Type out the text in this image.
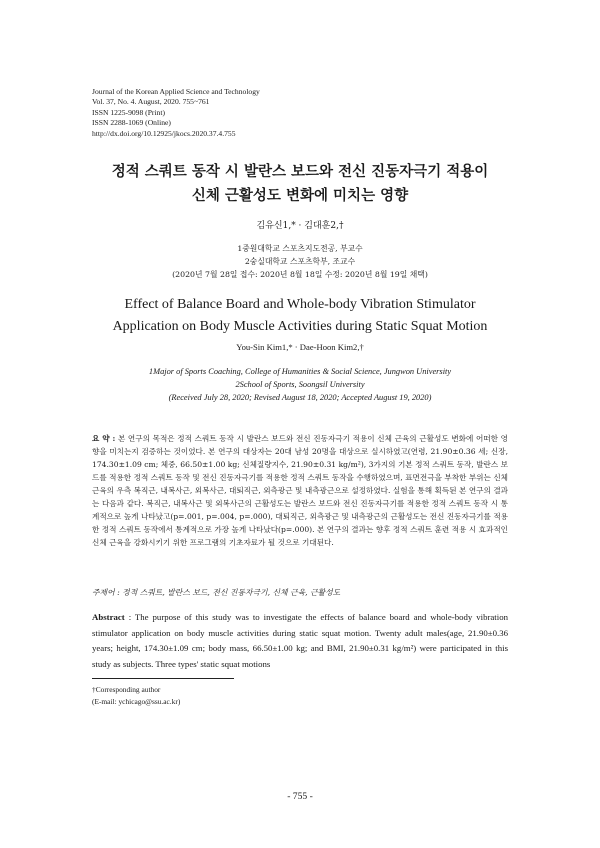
Journal of the Korean Applied Science and Technology
Vol. 37, No. 4. August, 2020. 755~761
ISSN 1225-9098 (Print)
ISSN 2288-1069 (Online)
http://dx.doi.org/10.12925/jkocs.2020.37.4.755
정적 스쿼트 동작 시 발란스 보드와 전신 진동자극기 적용이
신체 근활성도 변화에 미치는 영향
김유신1,* · 김대훈2,†
1중원대학교 스포츠지도전공, 부교수
2숭실대학교 스포츠학부, 조교수
(2020년 7월 28일 접수: 2020년 8월 18일 수정: 2020년 8월 19일 채택)
Effect of Balance Board and Whole-body Vibration Stimulator
Application on Body Muscle Activities during Static Squat Motion
You-Sin Kim1,* · Dae-Hoon Kim2,†
1Major of Sports Coaching, College of Humanities & Social Science, Jungwon University
2School of Sports, Soongsil University
(Received July 28, 2020; Revised August 18, 2020; Accepted August 19, 2020)
요 약 : 본 연구의 목적은 정적 스쿼트 동작 시 발란스 보드와 전신 진동자극기 적용이 신체 근육의 근활성도 변화에 어떠한 영향을 미치는지 검증하는 것이었다. 본 연구의 대상자는 20대 남성 20명을 대상으로 실시하였고(연령, 21.90±0.36 세; 신장, 174.30±1.09 cm; 체중, 66.50±1.00 kg; 신체질량지수, 21.90±0.31 kg/m²), 3가지의 기본 정적 스쿼트 동작, 발란스 보드를 적용한 정적 스쿼트 동작 및 전신 진동자극기를 적용한 정적 스쿼트 동작을 수행하였으며, 표면전극을 부착한 부위는 신체 근육의 우측 복직근, 내복사근, 외복사근, 대퇴직근, 외측광근 및 내측광근으로 설정하였다. 실험을 통해 획득된 본 연구의 결과는 다음과 같다. 복직근, 내복사근 및 외복사근의 근활성도는 발란스 보드와 전신 진동자극기를 적용한 정적 스쿼트 동작 시 통계적으로 높게 나타났고(p=.001, p=.004, p=.000), 대퇴직근, 외측광근 및 내측광근의 근활성도는 전신 진동자극기를 적용한 정적 스쿼트 동작에서 통계적으로 가장 높게 나타났다(p=.000). 본 연구의 결과는 향후 정적 스쿼트 훈련 적용 시 효과적인 신체 근육을 강화시키기 위한 프로그램의 기초자료가 될 것으로 기대된다.
주제어 : 정적 스쿼트, 발란스 보드, 전신 진동자극기, 신체 근육, 근활성도
Abstract : The purpose of this study was to investigate the effects of balance board and whole-body vibration stimulator application on body muscle activities during static squat motion. Twenty adult males(age, 21.90±0.36 years; height, 174.30±1.09 cm; body mass, 66.50±1.00 kg; and BMI, 21.90±0.31 kg/m²) were participated in this study as subjects. Three types' static squat motions
†Corresponding author
(E-mail: ychicago@ssu.ac.kr)
- 755 -
